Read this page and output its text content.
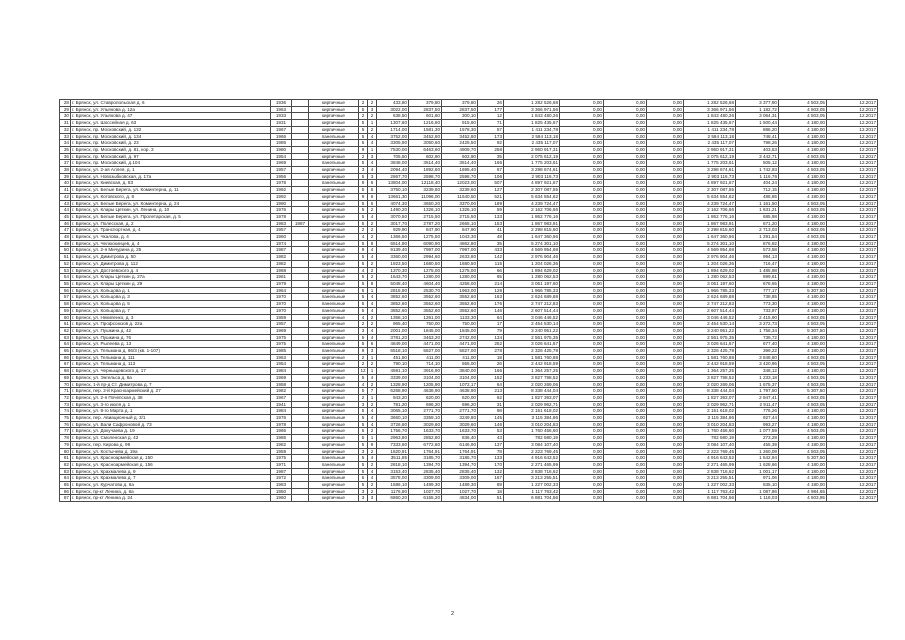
28	г. Брянск, ул. Ставропольская д. 6	1936		кирпичные	2	2	433,80	379,80	379,80	26	1 282 526,68	0,00	0,00	0,00	1 282 526,68	3 377,90	4 503,05	12.2017
29	г. Брянск, ул. Ульянова д. 12а	1963		кирпичные	5	3	3022,00	2837,50	2837,50	177	3 366 971,56	0,00	0,00	0,00	3 366 971,56	1 182,72	4 503,05	12.2017
30	г. Брянск, ул. Ульянова д. 47	1933		кирпичные	2	2	638,50	601,60	300,10	12	1 843 480,26	0,00	0,00	0,00	1 843 480,26	3 064,31	4 503,05	12.2017
31	г. Брянск, ул. Шоссейная д. 63	1931		кирпичные	5	1	1307,60	1216,60	915,60	71	1 825 435,67	0,00	0,00	0,00	1 825 435,67	1 500,44	4 180,00	12.2017
32	г. Брянск, пр. Московский, д. 132	1967		кирпичные	5	2	1714,00	1581,30	1578,30	57	1 411 234,78	0,00	0,00	0,00	1 411 234,78	886,20	4 180,00	12.2017
33	г. Брянск, пр. Московский, д. 134	1966		панельные	5	4	3752,00	3452,80	3452,80	173	2 584 113,18	0,00	0,00	0,00	2 584 113,18	748,41	4 180,00	12.2017
34	г. Брянск, пр. Московский, д. 23	1986		кирпичные	5	4	3305,90	3050,60	2425,50	92	2 435 117,07	0,00	0,00	0,00	2 435 117,07	798,26	4 180,00	12.2017
35	г. Брянск, пр. Московский, д. 81, кор. 3	1980		кирпичные	9	1	7530,00	6463,60	4909,70	258	2 950 917,31	0,00	0,00	0,00	2 950 917,31	403,53	4 180,00	12.2017
36	г. Брянск, пр. Московский, д. 97	1954		кирпичные	2	3	705,50	602,90	602,90	35	2 075 612,19	0,00	0,00	0,00	2 075 612,19	3 442,71	4 503,05	12.2017
37	г. Брянск, пр. Московский, д.104	1969		панельные	5	4	3848,00	3514,40	3514,40	166	1 775 203,61	0,00	0,00	0,00	1 775 203,61	505,12	4 180,00	12.2017
38	г. Брянск, ул. 2-ая Аллея, д. 1	1957		кирпичные	3	4	2094,40	1892,60	1695,40	67	3 298 674,61	0,00	0,00	0,00	3 298 674,61	1 742,93	4 503,05	12.2017
39	г. Брянск, ул. Новозыбковская, д. 17а	1956		кирпичные	5	3	2867,70	2598,70	2598,70	106	2 903 116,73	0,00	0,00	0,00	2 903 116,73	1 116,76	4 180,00	12.2017
40	г. Брянск, ул. Киевская, д. 83	1978		панельные	9	6	13804,00	12118,40	12023,00	507	4 897 921,67	0,00	0,00	0,00	4 897 921,67	404,24	4 180,00	12.2017
41	г. Брянск, ул. Белые Берега, ул. Коминтерна, д. 11	1992		кирпичные	5	5	3750,10	3239,60	3239,60	127	2 307 087,55	0,00	0,00	0,00	2 307 087,55	712,15	4 180,00	12.2017
42	г. Брянск, ул. Котовского, д. 8	1992		кирпичные	9	6	13661,30	11096,00	11540,50	521	5 634 554,62	0,00	0,00	0,00	5 634 554,62	488,85	4 180,00	12.2017
43	г. Брянск, ул. Белые Берега, ул. Коминтерна, д. 24	1990		кирпичные	5	5	4074,30	3650,20	3370,00	189	4 239 724,47	0,00	0,00	0,00	4 239 724,47	1 161,50	4 503,05	12.2017
44	г. Брянск, ул. Клары Цеткин, ул. Ленина, д. 10	1976		кирпичные	5	2	1490,20	1326,10	1326,10	59	2 162 706,66	0,00	0,00	0,00	2 162 706,66	1 631,21	4 503,05	12.2017
45	г. Брянск, ул. Белые Берега, ул. Пролетарская, д. 5	1978		кирпичные	5	4	3070,50	2715,50	2715,50	133	1 862 776,16	0,00	0,00	0,00	1 862 776,16	685,98	4 180,00	12.2017
46	г. Брянск, ул. Полесская, д. 2	1983	1987	кирпичные	5	2	3017,70	2787,20	2665,10	153	1 867 983,91	0,00	0,00	0,00	1 867 983,91	671,20	4 180,00	12.2017
47	г. Брянск, ул. Транспортная, д. 4	1957		кирпичные	2	2	929,90	847,90	847,90	41	2 298 815,60	0,00	0,00	0,00	2 298 815,60	2 713,03	4 503,05	12.2017
48	г. Брянск, ул. Чкалова, д. 4	1960		кирпичные	4	2	1366,50	1275,50	1043,30	48	1 647 360,66	0,00	0,00	0,00	1 647 360,66	1 291,54	4 503,05	12.2017
49	г. Брянск, ул. Челюскинцев, д. 4	1974		кирпичные	5	8	6514,90	6090,90	4862,80	35	5 274 301,10	0,00	0,00	0,00	5 274 301,10	876,92	4 180,00	12.2017
50	г. Брянск, ул. 2-я Мичурина д. 25	1987		кирпичные	9	4	9139,40	7997,00	7997,00	433	4 569 954,68	0,00	0,00	0,00	4 569 954,68	573,58	4 180,00	12.2017
51	г. Брянск, ул. Димитрова д. 50	1982		кирпичные	5	4	3360,00	2994,60	2633,80	142	2 976 904,46	0,00	0,00	0,00	2 976 904,46	994,13	4 180,00	12.2017
52	г. Брянск, ул. Димитрова д. 112	1982		кирпичные	5	2	1923,50	1680,50	1680,50	115	1 204 026,36	0,00	0,00	0,00	1 204 026,36	716,47	4 180,00	12.2017
53	г. Брянск, ул. Достоевского д. 4	1968		кирпичные	4	2	1370,30	1275,00	1275,00	66	1 894 629,02	0,00	0,00	0,00	1 894 629,02	1 485,98	4 503,05	12.2017
54	г. Брянск, ул. Клары Цеткин д. 27а	1981		кирпичные	5	2	1643,70	1280,00	1280,00	65	1 280 062,53	0,00	0,00	0,00	1 280 062,53	899,61	4 180,00	12.2017
55	г. Брянск, ул. Клары Цеткин д. 29	1979		кирпичные	5	8	5048,40	4604,40	4258,00	214	3 061 197,60	0,00	0,00	0,00	3 061 197,60	678,65	4 180,00	12.2017
56	г. Брянск, ул. Кольцова д. 1	1964		кирпичные	5	1	2815,90	2530,70	1963,00	128	1 966 785,33	0,00	0,00	0,00	1 966 785,33	777,17	5 307,50	12.2017
57	г. Брянск, ул. Кольцова д. 3	1970		панельные	5	4	3852,60	3552,60	3552,60	163	2 624 689,88	0,00	0,00	0,00	2 624 689,88	738,85	4 180,00	12.2017
58	г. Брянск, ул. Кольцова д. 5	1970		панельные	5	4	3852,60	3552,60	3552,60	176	2 747 212,83	0,00	0,00	0,00	2 747 212,83	773,30	4 180,00	12.2017
59	г. Брянск, ул. Кольцова д. 7	1970		панельные	5	4	3852,60	3552,60	3552,60	146	2 607 514,44	0,00	0,00	0,00	2 607 514,44	733,97	4 180,00	12.2017
60	г. Брянск, ул. Некипенко, д. 3	1959		кирпичные	4	2	1358,10	1261,00	1133,30	64	3 046 446,52	0,00	0,00	0,00	3 046 446,52	2 415,90	4 503,05	12.2017
61	г. Брянск, ул. Профсоюзов д. 22а	1957		кирпичные	2	2	965,40	750,00	750,00	17	2 454 530,14	0,00	0,00	0,00	2 454 530,14	3 272,73	4 503,05	12.2017
62	г. Брянск, ул. Пушкина д. 42	1969		кирпичные	3	4	2001,00	1845,00	1845,00	79	3 240 951,22	0,00	0,00	0,00	3 240 951,22	1 756,34	5 307,50	12.2017
63	г. Брянск, ул. Пушкина д. 76	1975		кирпичные	5	4	3781,20	3463,20	2742,00	134	2 561 975,35	0,00	0,00	0,00	2 561 975,35	739,72	4 180,00	12.2017
64	г. Брянск, ул. Рылеева д. 13	1975		панельные	5	6	4849,00	4471,00	4471,00	252	3 026 641,67	0,00	0,00	0,00	3 026 641,67	677,40	4 180,00	12.2017
65	г. Брянск, ул. Тельмана д. 66/3 (кв. 1-107)	1985		панельные	9	3	6518,10	5827,00	5827,00	278	2 326 425,78	0,00	0,00	0,00	2 326 425,78	399,22	4 180,00	12.2017
66	г. Брянск, ул. Тельмана д. 111	1963		кирпичные	2	1	451,50	411,00	411,00	18	1 581 760,88	0,00	0,00	0,00	1 581 760,88	3 848,80	4 503,05	12.2017
67	г. Брянск, ул. Тельмана д. 113	1954		кирпичные	2	2	790,10	714,10	555,00	26	2 442 918,59	0,00	0,00	0,00	2 442 918,59	3 420,96	4 503,05	12.2017
68	г. Брянск, ул. Черныщевского д. 17	1984		кирпичные	12	1	4591,10	3916,90	3840,00	166	1 364 257,25	0,00	0,00	0,00	1 364 257,25	348,12	4 180,00	12.2017
69	г. Брянск, ул. Энгельса д. 6а	1969		кирпичные	5	4	3339,00	3104,00	3104,00	152	3 827 798,52	0,00	0,00	0,00	3 827 798,52	1 233,18	4 503,05	12.2017
70	г. Брянск, 1-й пр-д Ст. Димитрова д. 7	1958		кирпичные	4	2	1328,90	1205,90	1072,17	64	2 020 269,06	0,00	0,00	0,00	2 020 269,06	1 675,37	4 503,05	12.2017
71	г. Брянск, пер. 2-й Красноармейский д. 27	1982		кирпичные	5	7	6268,90	4638,90	4638,90	213	8 338 444,04	0,00	0,00	0,00	8 338 444,04	1 797,50	5 307,50	12.2017
72	г. Брянск, ул. 2-я Почепская д. 38	1967		кирпичные	2	1	943,20	620,00	620,00	62	1 827 393,07	0,00	0,00	0,00	1 827 393,07	2 947,41	4 503,05	12.2017
73	г. Брянск, ул. 3-го июля д. 1	1941		кирпичные	3	2	781,20	696,20	696,20	31	2 029 962,71	0,00	0,00	0,00	2 029 962,71	2 911,47	4 503,05	12.2017
74	г. Брянск, ул. 8-го Марта д. 1	1984		кирпичные	5	4	3065,10	2771,70	2771,70	98	2 151 618,02	0,00	0,00	0,00	2 151 618,02	776,26	4 180,00	12.2017
75	г. Брянск, пер. Авиационный д. 3/1	1976		панельные	5	4	3660,10	3359,10	3249,80	145	3 115 384,86	0,00	0,00	0,00	3 115 384,86	927,44	4 180,00	12.2017
76	г. Брянск, ул. Вали Сафроновой д. 73	1978		кирпичные	5	4	3726,60	3029,60	3029,60	146	3 010 204,83	0,00	0,00	0,00	3 010 204,83	993,27	4 180,00	12.2017
77	г. Брянск, ул. Докучаева д. 19	1966		кирпичные	5	2	1756,70	1633,70	1633,70	53	1 760 456,60	0,00	0,00	0,00	1 760 456,60	1 077,59	4 503,05	12.2017
78	г. Брянск, ул. Смоленская д. 42	1986		кирпичные	5	1	2963,80	2852,80	836,40	43	782 580,19	0,00	0,00	0,00	782 580,19	273,28	4 180,00	12.2017
79	г. Брянск, пер. Кирова д. 99	1982		кирпичные	5	9	7333,60	6772,60	6146,90	137	3 084 107,40	0,00	0,00	0,00	3 084 107,40	455,39	4 180,00	12.2017
80	г. Брянск, ул. Костычева д. 19а	1959		кирпичные	3	2	1620,91	1764,91	1764,91	78	2 223 769,45	0,00	0,00	0,00	2 223 769,45	1 260,09	4 503,05	12.2017
81	г. Брянск, ул. Красноармейская д. 150	1975		панельные	5	4	3511,85	3185,70	3185,70	133	4 916 643,52	0,00	0,00	0,00	4 916 643,52	1 542,94	5 307,50	12.2017
82	г. Брянск, ул. Красноармейская д. 156	1971		панельные	5	2	2818,10	1394,70	1394,70	170	2 271 465,99	0,00	0,00	0,00	2 271 465,99	1 628,66	4 180,00	12.2017
83	г. Брянск, ул. Крахмалева д. 9	1987		кирпичные	5	4	3153,40	2835,40	2835,40	132	2 838 716,62	0,00	0,00	0,00	2 838 716,62	1 001,17	4 180,00	12.2017
84	г. Брянск, ул. Крахмалева д. 7	1972		панельные	5	4	3578,00	3309,00	3309,00	167	3 213 255,51	0,00	0,00	0,00	3 213 255,51	971,06	4 180,00	12.2017
85	г. Брянск, ул. Курчатова д. 6а	1983		кирпичные	5	2	1586,10	1489,30	1489,30	89	1 227 002,33	0,00	0,00	0,00	1 227 002,33	835,10	4 180,00	12.2017
86	г. Брянск, пр-кт Ленина, д. 6а	1950		кирпичные	3	2	1176,80	1027,70	1027,70	18	1 117 763,42	0,00	0,00	0,00	1 117 763,42	1 087,86	4 984,65	12.2017
87	г. Брянск, пр-кт Ленина д. 24	1960		кирпичные	3	3	6860,20	6155,20	4834,00	51	6 881 704,56	0,00	0,00	0,00	6 881 704,56	1 118,03	4 503,95	12.2017
2
